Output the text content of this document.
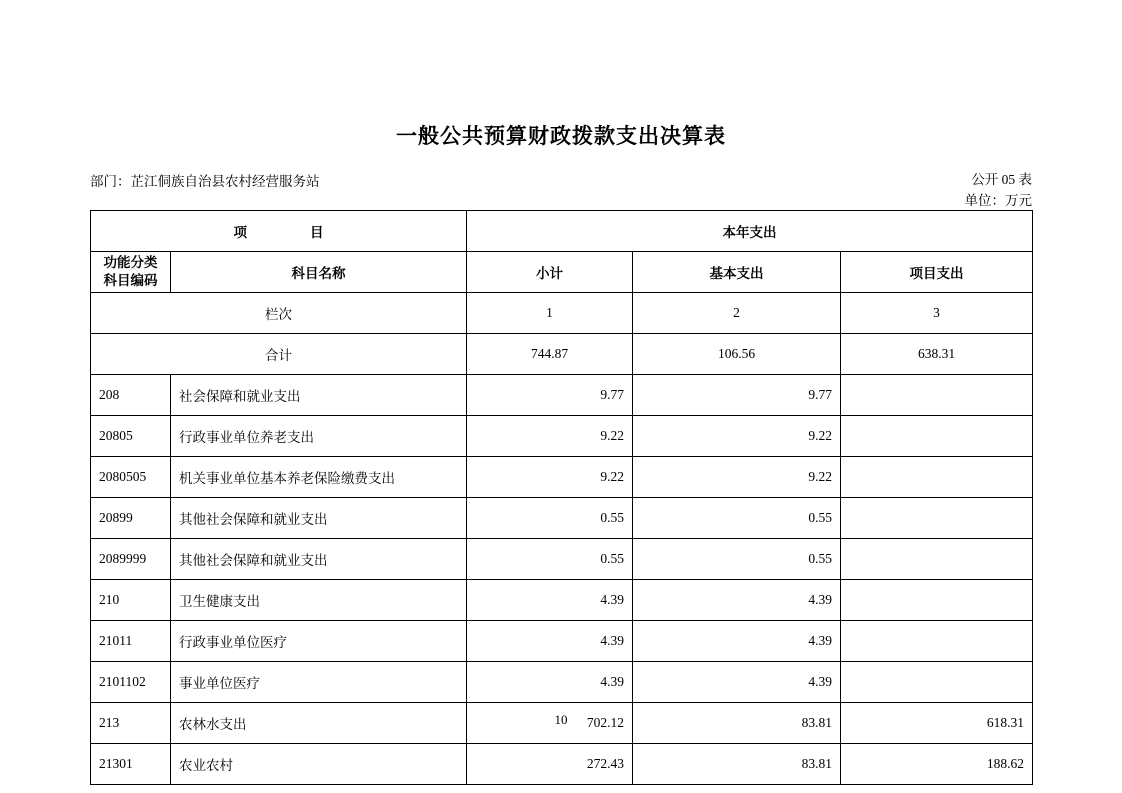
一般公共预算财政拨款支出决算表
部门：芷江侗族自治县农村经营服务站	公开 05 表
单位：万元
项　　目		本年支出		

功能分类
科目编码	科目名称	小计	基本支出	项目支出
栏次		1	2	3
合计		744.87	106.56	638.31
208	社会保障和就业支出	9.77	9.77	
20805	行政事业单位养老支出	9.22	9.22	
2080505	机关事业单位基本养老保险缴费支出	9.22	9.22	
20899	其他社会保障和就业支出	0.55	0.55	
2089999	其他社会保障和就业支出	0.55	0.55	
210	卫生健康支出	4.39	4.39	
21011	行政事业单位医疗	4.39	4.39	
2101102	事业单位医疗	4.39	4.39	
213	农林水支出	702.12	83.81	618.31
21301	农业农村	272.43	83.81	188.62
10
